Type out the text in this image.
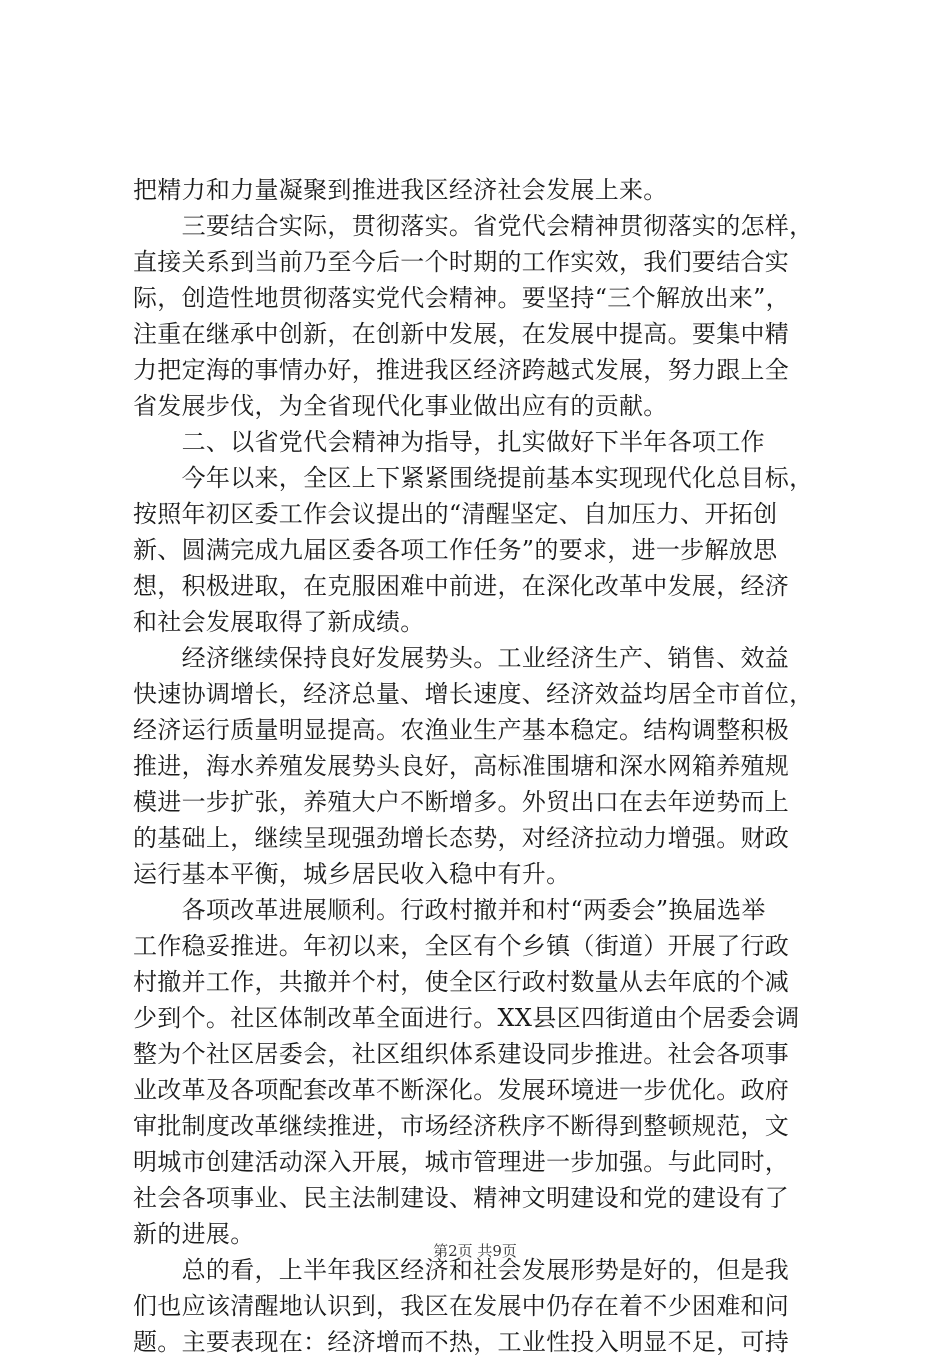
把精力和力量凝聚到推进我区经济社会发展上来。
　　三要结合实际，贯彻落实。省党代会精神贯彻落实的怎样，
直接关系到当前乃至今后一个时期的工作实效，我们要结合实
际，创造性地贯彻落实党代会精神。要坚持“三个解放出来”，
注重在继承中创新，在创新中发展，在发展中提高。要集中精
力把定海的事情办好，推进我区经济跨越式发展，努力跟上全
省发展步伐，为全省现代化事业做出应有的贡献。
　　二、以省党代会精神为指导，扎实做好下半年各项工作
　　今年以来，全区上下紧紧围绕提前基本实现现代化总目标，
按照年初区委工作会议提出的“清醒坚定、自加压力、开拓创
新、圆满完成九届区委各项工作任务”的要求，进一步解放思
想，积极进取，在克服困难中前进，在深化改革中发展，经济
和社会发展取得了新成绩。
　　经济继续保持良好发展势头。工业经济生产、销售、效益
快速协调增长，经济总量、增长速度、经济效益均居全市首位，
经济运行质量明显提高。农渔业生产基本稳定。结构调整积极
推进，海水养殖发展势头良好，高标准围塘和深水网箱养殖规
模进一步扩张，养殖大户不断增多。外贸出口在去年逆势而上
的基础上，继续呈现强劲增长态势，对经济拉动力增强。财政
运行基本平衡，城乡居民收入稳中有升。
　　各项改革进展顺利。行政村撤并和村“两委会”换届选举
工作稳妥推进。年初以来，全区有个乡镇（街道）开展了行政
村撤并工作，共撤并个村，使全区行政村数量从去年底的个减
少到个。社区体制改革全面进行。XX县区四街道由个居委会调
整为个社区居委会，社区组织体系建设同步推进。社会各项事
业改革及各项配套改革不断深化。发展环境进一步优化。政府
审批制度改革继续推进，市场经济秩序不断得到整顿规范，文
明城市创建活动深入开展，城市管理进一步加强。与此同时，
社会各项事业、民主法制建设、精神文明建设和党的建设有了
新的进展。
　　总的看，上半年我区经济和社会发展形势是好的，但是我
们也应该清醒地认识到，我区在发展中仍存在着不少困难和问
题。主要表现在：经济增而不热，工业性投入明显不足，可持
第2页 共9页
